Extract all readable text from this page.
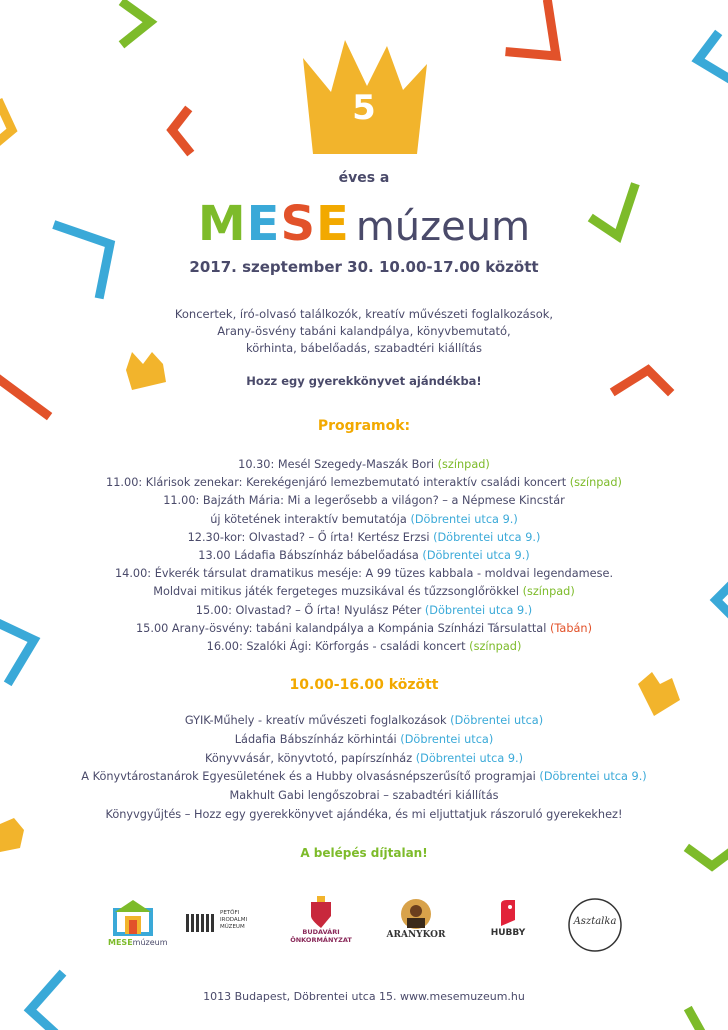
5
éves a
MESE múzeum
2017. szeptember 30. 10.00-17.00 között
Koncertek, író-olvasó találkozók, kreatív művészeti foglalkozások,
Arany-ösvény tabáni kalandpálya, könyvbemutató,
körhinta, bábelőadás, szabadtéri kiállítás
Hozz egy gyerekkönyvet ajándékba!
Programok:
10.30: Mesél Szegedy-Maszák Bori (színpad)
11.00: Klárisok zenekar: Kerekégenjáró lemezbemutató interaktív családi koncert (színpad)
11.00: Bajzáth Mária: Mi a legerősebb a világon? – a Népmese Kincstár
új kötetének interaktív bemutatója (Döbrentei utca 9.)
12.30-kor: Olvastad? – Ő írta! Kertész Erzsi (Döbrentei utca 9.)
13.00 Ládafia Bábszínház bábelőadása (Döbrentei utca 9.)
14.00: Évkerék társulat dramatikus meséje: A 99 tüzes kabbala - moldvai legendamese.
Moldvai mitikus játék fergeteges muzsikával és tűzzsonglőrökkel (színpad)
15.00: Olvastad? – Ő írta! Nyulász Péter (Döbrentei utca 9.)
15.00 Arany-ösvény: tabáni kalandpálya a Kompánia Színházi Társulattal (Tabán)
16.00: Szalóki Ági: Körforgás - családi koncert (színpad)
10.00-16.00 között
GYIK-Műhely - kreatív művészeti foglalkozások (Döbrentei utca)
Ládafia Bábszínház körhintái (Döbrentei utca)
Könyvvásár, könyvtotó, papírszínház (Döbrentei utca 9.)
A Könyvtárostanárok Egyesületének és a Hubby olvasásnépszerűsítő programjai (Döbrentei utca 9.)
Makhult Gabi lengőszobrai – szabadtéri kiállítás
Könyvgyűjtés – Hozz egy gyerekkönyvet ajándéka, és mi eljuttatjuk rászoruló gyerekekhez!
A belépés díjtalan!
MESEmúzeum
PETŐFI
IRODALMI
MÚZEUM
BUDAVÁRI
ÖNKORMÁNYZAT	ARANYKOR	HUBBY
Asztalka
1013 Budapest, Döbrentei utca 15. www.mesemuzeum.hu
